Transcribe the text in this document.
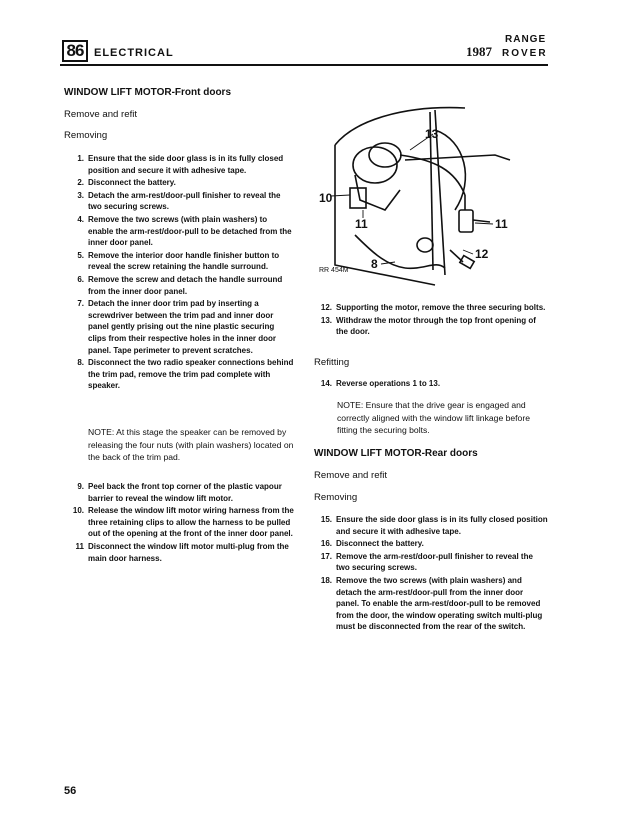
86 ELECTRICAL	1987
RANGE
ROVER
WINDOW LIFT MOTOR-Front doors
Remove and refit
Removing
1. Ensure that the side door glass is in its fully closed position and secure it with adhesive tape.
2. Disconnect the battery.
3. Detach the arm-rest/door-pull finisher to reveal the two securing screws.
4. Remove the two screws (with plain washers) to enable the arm-rest/door-pull to be detached from the inner door panel.
5. Remove the interior door handle finisher button to reveal the screw retaining the handle surround.
6. Remove the screw and detach the handle surround from the inner door panel.
7. Detach the inner door trim pad by inserting a screwdriver between the trim pad and inner door panel gently prising out the nine plastic securing clips from their respective holes in the inner door panel. Tape perimeter to prevent scratches.
8. Disconnect the two radio speaker connections behind the trim pad, remove the trim pad complete with speaker.
NOTE: At this stage the speaker can be removed by releasing the four nuts (with plain washers) located on the back of the trim pad.
9. Peel back the front top corner of the plastic vapour barrier to reveal the window lift motor.
10. Release the window lift motor wiring harness from the three retaining clips to allow the harness to be pulled out of the opening at the front of the inner door panel.
11 Disconnect the window lift motor multi-plug from the main door harness.
13
10
11	11
12
8
RR 454M
12. Supporting the motor, remove the three securing bolts.
13. Withdraw the motor through the top front opening of the door.
Refitting
14. Reverse operations 1 to 13.
NOTE: Ensure that the drive gear is engaged and correctly aligned with the window lift linkage before fitting the securing bolts.
WINDOW LIFT MOTOR-Rear doors
Remove and refit
Removing
15. Ensure the side door glass is in its fully closed position and secure it with adhesive tape.
16. Disconnect the battery.
17. Remove the arm-rest/door-pull finisher to reveal the two securing screws.
18. Remove the two screws (with plain washers) and detach the arm-rest/door-pull from the inner door panel. To enable the arm-rest/door-pull to be removed from the door, the window operating switch multi-plug must be disconnected from the rear of the switch.
56
